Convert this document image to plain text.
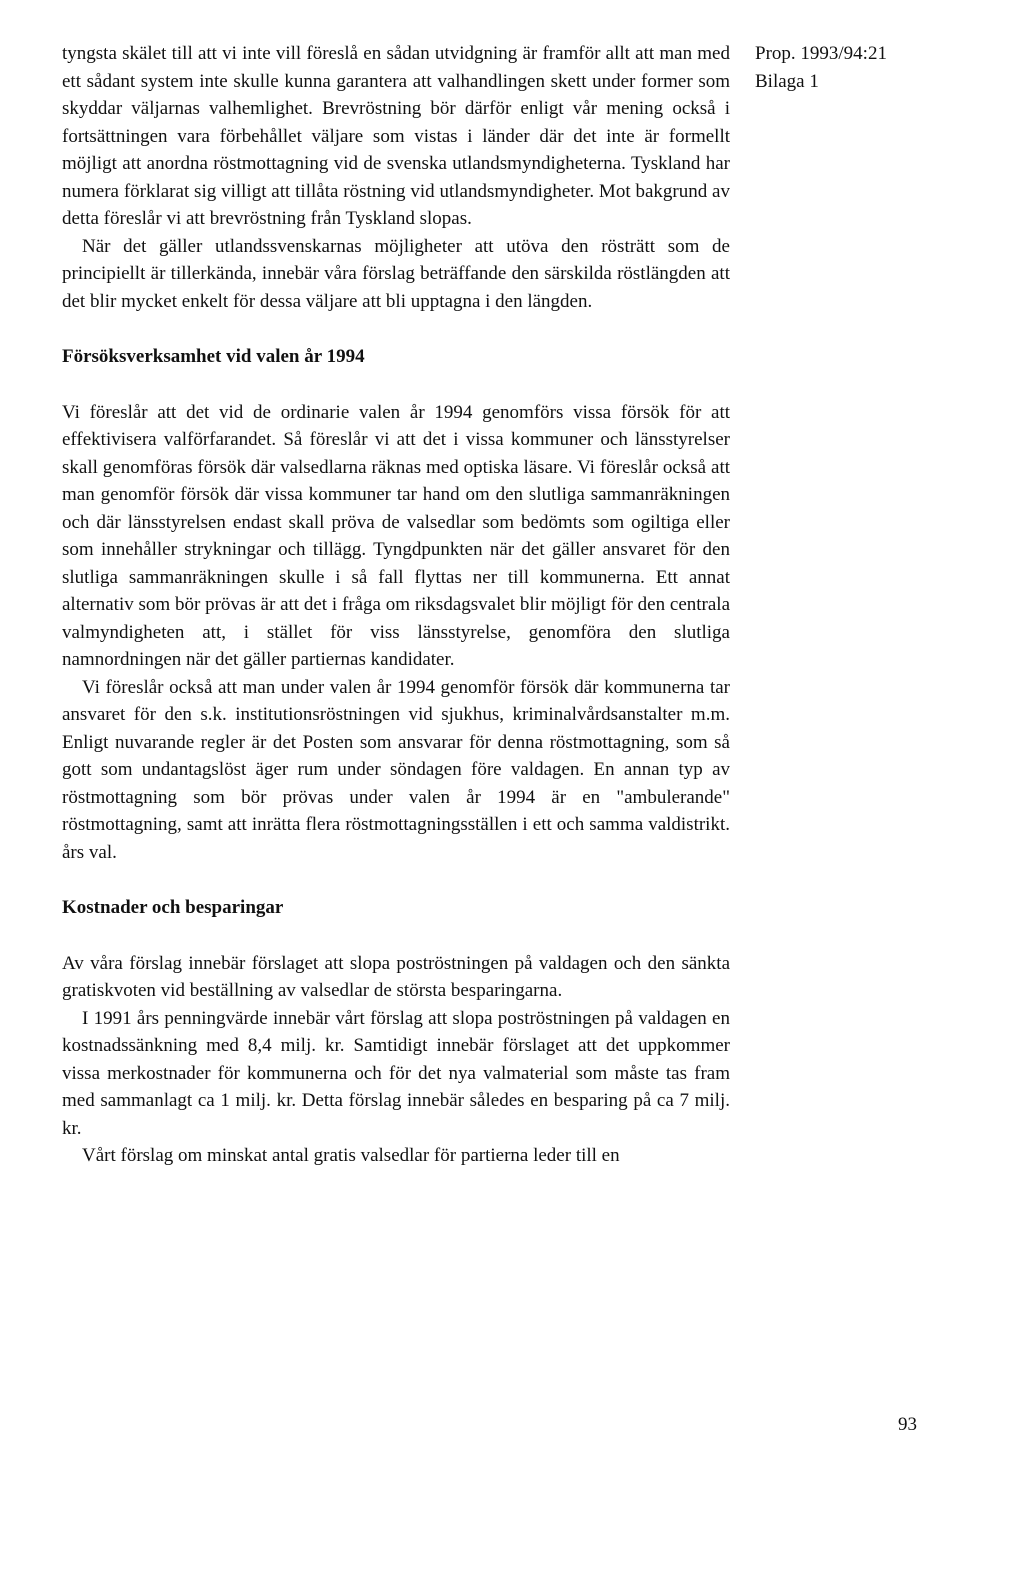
tyngsta skälet till att vi inte vill föreslå en sådan utvidgning är framför allt att man med ett sådant system inte skulle kunna garantera att valhandlingen skett under former som skyddar väljarnas valhemlighet. Brevröstning bör därför enligt vår mening också i fortsättningen vara förbehållet väljare som vistas i länder där det inte är formellt möjligt att anordna röstmottagning vid de svenska utlandsmyndigheterna. Tyskland har numera förklarat sig villigt att tillåta röstning vid utlandsmyndigheter. Mot bakgrund av detta föreslår vi att brevröstning från Tyskland slopas.

När det gäller utlandssvenskarnas möjligheter att utöva den rösträtt som de principiellt är tillerkända, innebär våra förslag beträffande den särskilda röstlängden att det blir mycket enkelt för dessa väljare att bli upptagna i den längden.

Försöksverksamhet vid valen år 1994

Vi föreslår att det vid de ordinarie valen år 1994 genomförs vissa försök för att effektivisera valförfarandet. Så föreslår vi att det i vissa kommuner och länsstyrelser skall genomföras försök där valsedlarna räknas med optiska läsare. Vi föreslår också att man genomför försök där vissa kommuner tar hand om den slutliga sammanräkningen och där länsstyrelsen endast skall pröva de valsedlar som bedömts som ogiltiga eller som innehåller strykningar och tillägg. Tyngdpunkten när det gäller ansvaret för den slutliga sammanräkningen skulle i så fall flyttas ner till kommunerna. Ett annat alternativ som bör prövas är att det i fråga om riksdagsvalet blir möjligt för den centrala valmyndigheten att, i stället för viss länsstyrelse, genomföra den slutliga namnordningen när det gäller partiernas kandidater.

Vi föreslår också att man under valen år 1994 genomför försök där kommunerna tar ansvaret för den s.k. institutionsröstningen vid sjukhus, kriminalvårdsanstalter m.m. Enligt nuvarande regler är det Posten som ansvarar för denna röstmottagning, som så gott som undantagslöst äger rum under söndagen före valdagen. En annan typ av röstmottagning som bör prövas under valen år 1994 är en "ambulerande" röstmottagning, samt att inrätta flera röstmottagningsställen i ett och samma valdistrikt. års val.

Kostnader och besparingar

Av våra förslag innebär förslaget att slopa poströstningen på valdagen och den sänkta gratiskvoten vid beställning av valsedlar de största besparingarna.

I 1991 års penningvärde innebär vårt förslag att slopa poströstningen på valdagen en kostnadssänkning med 8,4 milj. kr. Samtidigt innebär förslaget att det uppkommer vissa merkostnader för kommunerna och för det nya valmaterial som måste tas fram med sammanlagt ca 1 milj. kr. Detta förslag innebär således en besparing på ca 7 milj. kr.

Vårt förslag om minskat antal gratis valsedlar för partierna leder till en

Prop. 1993/94:21
Bilaga 1
93
